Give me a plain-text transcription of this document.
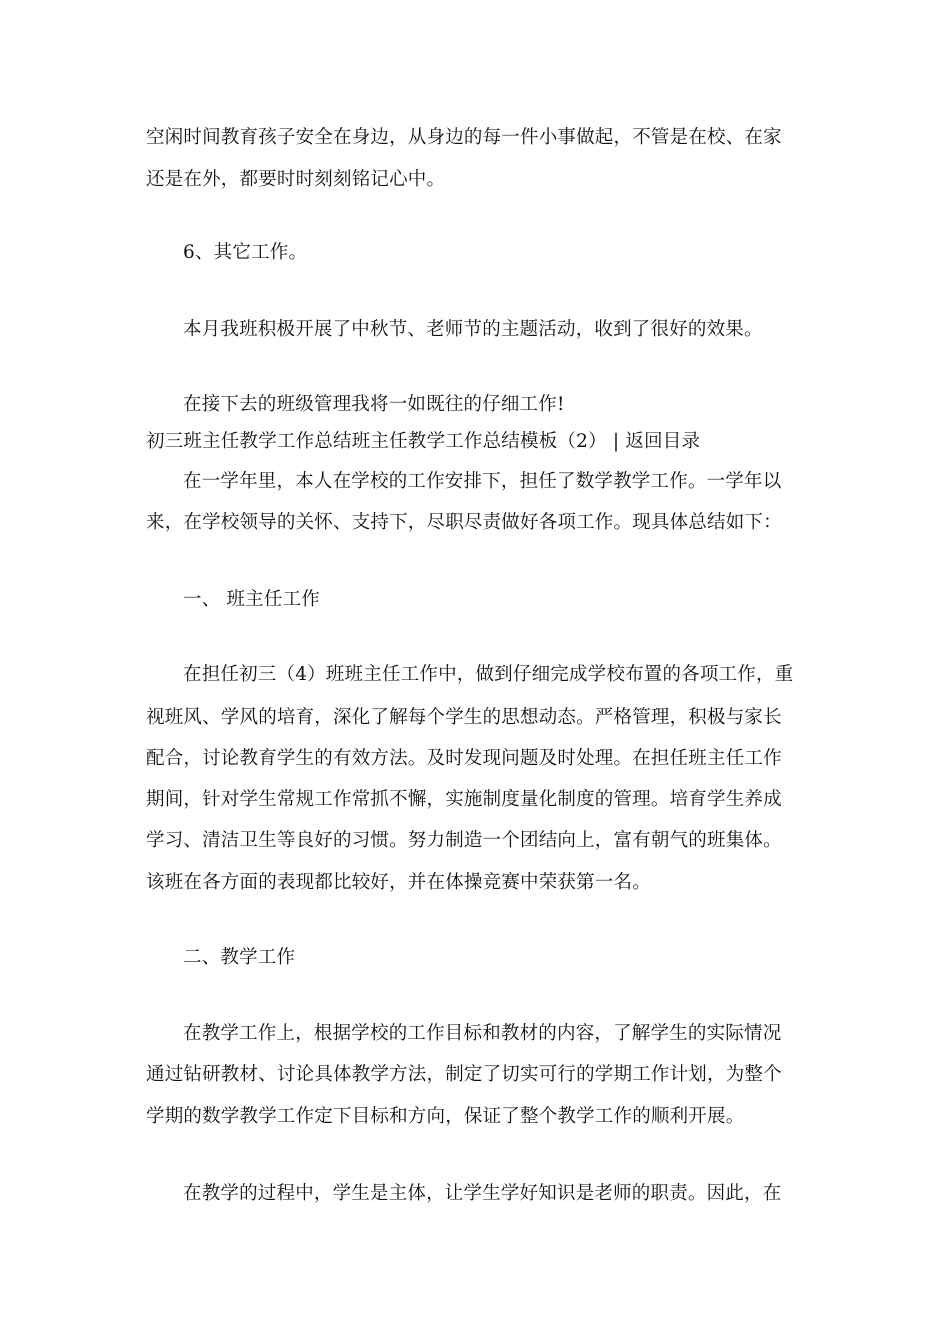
空闲时间教育孩子安全在身边，从身边的每一件小事做起，不管是在校、在家
还是在外，都要时时刻刻铭记心中。
6、其它工作。
本月我班积极开展了中秋节、老师节的主题活动，收到了很好的效果。
在接下去的班级管理我将一如既往的仔细工作!
初三班主任教学工作总结班主任教学工作总结模板（2） | 返回目录
在一学年里，本人在学校的工作安排下，担任了数学教学工作。一学年以
来，在学校领导的关怀、支持下，尽职尽责做好各项工作。现具体总结如下：
一、 班主任工作
在担任初三（4）班班主任工作中，做到仔细完成学校布置的各项工作，重
视班风、学风的培育，深化了解每个学生的思想动态。严格管理，积极与家长
配合，讨论教育学生的有效方法。及时发现问题及时处理。在担任班主任工作
期间，针对学生常规工作常抓不懈，实施制度量化制度的管理。培育学生养成
学习、清洁卫生等良好的习惯。努力制造一个团结向上，富有朝气的班集体。
该班在各方面的表现都比较好，并在体操竞赛中荣获第一名。
二、教学工作
在教学工作上，根据学校的工作目标和教材的内容，了解学生的实际情况
通过钻研教材、讨论具体教学方法，制定了切实可行的学期工作计划，为整个
学期的数学教学工作定下目标和方向，保证了整个教学工作的顺利开展。
在教学的过程中，学生是主体，让学生学好知识是老师的职责。因此，在
